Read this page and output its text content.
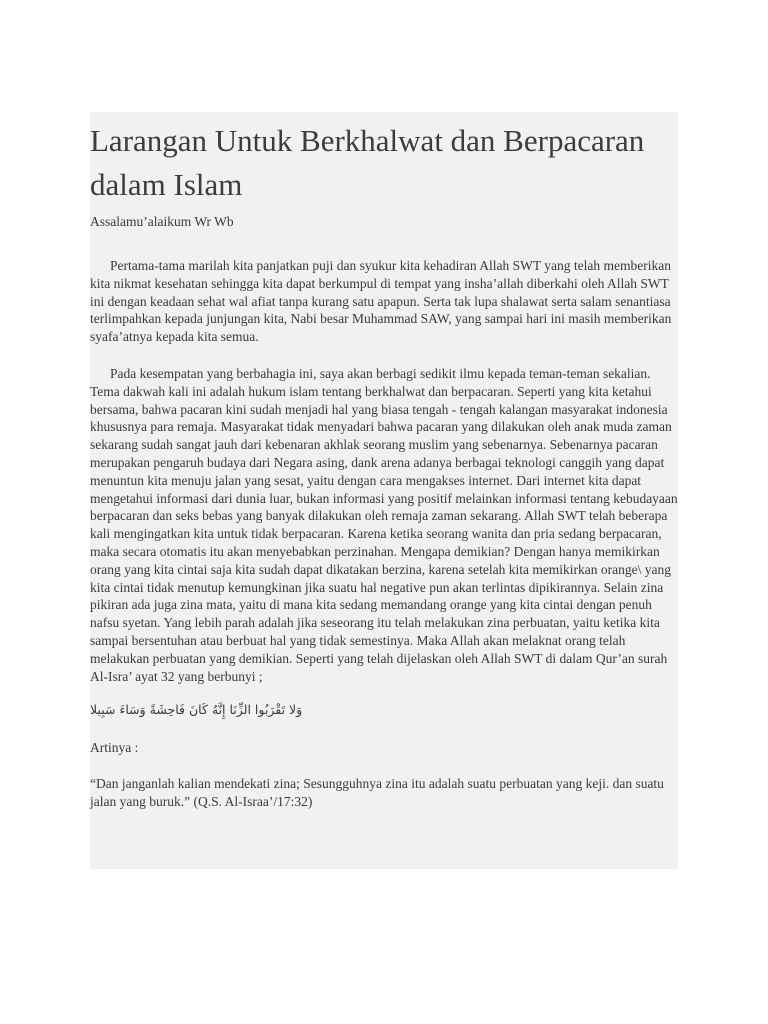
Larangan Untuk Berkhalwat dan Berpacaran dalam Islam

Assalamu’alaikum Wr Wb

Pertama-tama marilah kita panjatkan puji dan syukur kita kehadiran Allah SWT yang telah memberikan kita nikmat kesehatan sehingga kita dapat berkumpul di tempat yang insha’allah diberkahi oleh Allah SWT ini dengan keadaan sehat wal afiat tanpa kurang satu apapun. Serta tak lupa shalawat serta salam senantiasa terlimpahkan kepada junjungan kita, Nabi besar Muhammad SAW, yang sampai hari ini masih memberikan syafa’atnya kepada kita semua.

Pada kesempatan yang berbahagia ini, saya akan berbagi sedikit ilmu kepada teman-teman sekalian. Tema dakwah kali ini adalah hukum islam tentang berkhalwat dan berpacaran. Seperti yang kita ketahui bersama, bahwa pacaran kini sudah menjadi hal yang biasa tengah - tengah kalangan masyarakat indonesia khususnya para remaja. Masyarakat tidak menyadari bahwa pacaran yang dilakukan oleh anak muda zaman sekarang sudah sangat jauh dari kebenaran akhlak seorang muslim yang sebenarnya. Sebenarnya pacaran merupakan pengaruh budaya dari Negara asing, dank arena adanya berbagai teknologi canggih yang dapat menuntun kita menuju jalan yang sesat, yaitu dengan cara mengakses internet. Dari internet kita dapat mengetahui informasi dari dunia luar, bukan informasi yang positif melainkan informasi tentang kebudayaan berpacaran dan seks bebas yang banyak dilakukan oleh remaja zaman sekarang. Allah SWT telah beberapa kali mengingatkan kita untuk tidak berpacaran. Karena ketika seorang wanita dan pria sedang berpacaran, maka secara otomatis itu akan menyebabkan perzinahan. Mengapa demikian? Dengan hanya memikirkan orang yang kita cintai saja kita sudah dapat dikatakan berzina, karena setelah kita memikirkan orange\ yang kita cintai tidak menutup kemungkinan jika suatu hal negative pun akan terlintas dipikirannya. Selain zina pikiran ada juga zina mata, yaitu di mana kita sedang memandang orange yang kita cintai dengan penuh nafsu syetan. Yang lebih parah adalah jika seseorang itu telah melakukan zina perbuatan, yaitu ketika kita sampai bersentuhan atau berbuat hal yang tidak semestinya. Maka Allah akan melaknat orang telah melakukan perbuatan yang demikian. Seperti yang telah dijelaskan oleh Allah SWT di dalam Qur’an surah Al-Isra’ ayat 32 yang berbunyi ;

وَلا تَقْرَبُوا الزِّنَا إِنَّهُ كَانَ فَاحِشَةً وَسَاءَ سَبِيلا
Artinya :
“Dan janganlah kalian mendekati zina; Sesungguhnya zina itu adalah suatu perbuatan yang keji. dan suatu jalan yang buruk.” (Q.S. Al-Israa’/17:32)
